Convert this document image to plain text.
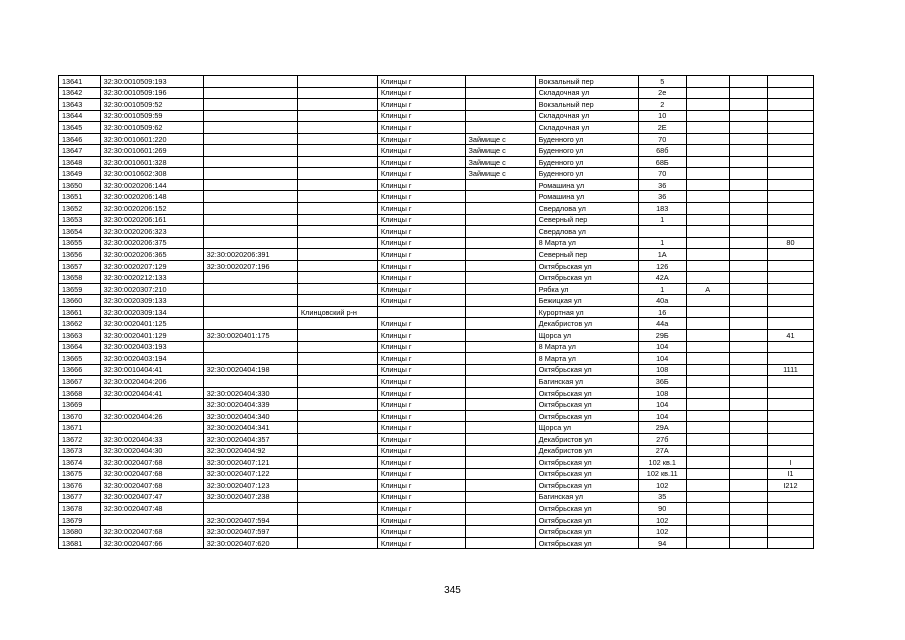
13641	32:30:0010509:193			Клинцы г		Вокзальный пер	5			
13642	32:30:0010509:196			Клинцы г		Складочная ул	2е			
13643	32:30:0010509:52			Клинцы г		Вокзальный пер	2			
13644	32:30:0010509:59			Клинцы г		Складочная ул	10			
13645	32:30:0010509:62			Клинцы г		Складочная ул	2Е			
13646	32:30:0010601:220			Клинцы г	Займище с	Буденного ул	70			
13647	32:30:0010601:269			Клинцы г	Займище с	Буденного ул	68б			
13648	32:30:0010601:328			Клинцы г	Займище с	Буденного ул	68Б			
13649	32:30:0010602:308			Клинцы г	Займище с	Буденного ул	70			
13650	32:30:0020206:144			Клинцы г		Ромашина ул	36			
13651	32:30:0020206:148			Клинцы г		Ромашина ул	36			
13652	32:30:0020206:152			Клинцы г		Свердлова ул	183			
13653	32:30:0020206:161			Клинцы г		Северный пер	1			
13654	32:30:0020206:323			Клинцы г		Свердлова ул				
13655	32:30:0020206:375			Клинцы г		8 Марта ул	1			80
13656	32:30:0020206:365	32:30:0020206:391		Клинцы г		Северный пер	1А			
13657	32:30:0020207:129	32:30:0020207:196		Клинцы г		Октябрьская ул	126			
13658	32:30:0020212:133			Клинцы г		Октябрьская ул	42А			
13659	32:30:0020307:210			Клинцы г		Рябка ул	1	А		
13660	32:30:0020309:133			Клинцы г		Бежицкая ул	40а			
13661	32:30:0020309:134		Клинцовский р-н			Курортная ул	16			
13662	32:30:0020401:125			Клинцы г		Декабристов ул	44а			
13663	32:30:0020401:129	32:30:0020401:175		Клинцы г		Щорса ул	29Б			41
13664	32:30:0020403:193			Клинцы г		8 Марта ул	104			
13665	32:30:0020403:194			Клинцы г		8 Марта ул	104			
13666	32:30:0010404:41	32:30:0020404:198		Клинцы г		Октябрьская ул	108			1111
13667	32:30:0020404:206			Клинцы г		Багинская ул	36Б			
13668	32:30:0020404:41	32:30:0020404:330		Клинцы г		Октябрьская ул	108			
13669		32:30:0020404:339		Клинцы г		Октябрьская ул	104			
13670	32:30:0020404:26	32:30:0020404:340		Клинцы г		Октябрьская ул	104			
13671		32:30:0020404:341		Клинцы г		Щорса ул	29А			
13672	32:30:0020404:33	32:30:0020404:357		Клинцы г		Декабристов ул	27б			
13673	32:30:0020404:30	32:30:0020404:92		Клинцы г		Декабристов ул	27А			
13674	32:30:0020407:68	32:30:0020407:121		Клинцы г		Октябрьская ул	102 кв.1			I
13675	32:30:0020407:68	32:30:0020407:122		Клинцы г		Октябрьская ул	102 кв.11			I1
13676	32:30:0020407:68	32:30:0020407:123		Клинцы г		Октябрьская ул	102			I212
13677	32:30:0020407:47	32:30:0020407:238		Клинцы г		Багинская ул	35			
13678	32:30:0020407:48			Клинцы г		Октябрьская ул	90			
13679		32:30:0020407:594		Клинцы г		Октябрьская ул	102			
13680	32:30:0020407:68	32:30:0020407:597		Клинцы г		Октябрьская ул	102			
13681	32:30:0020407:66	32:30:0020407:620		Клинцы г		Октябрьская ул	94			
345
